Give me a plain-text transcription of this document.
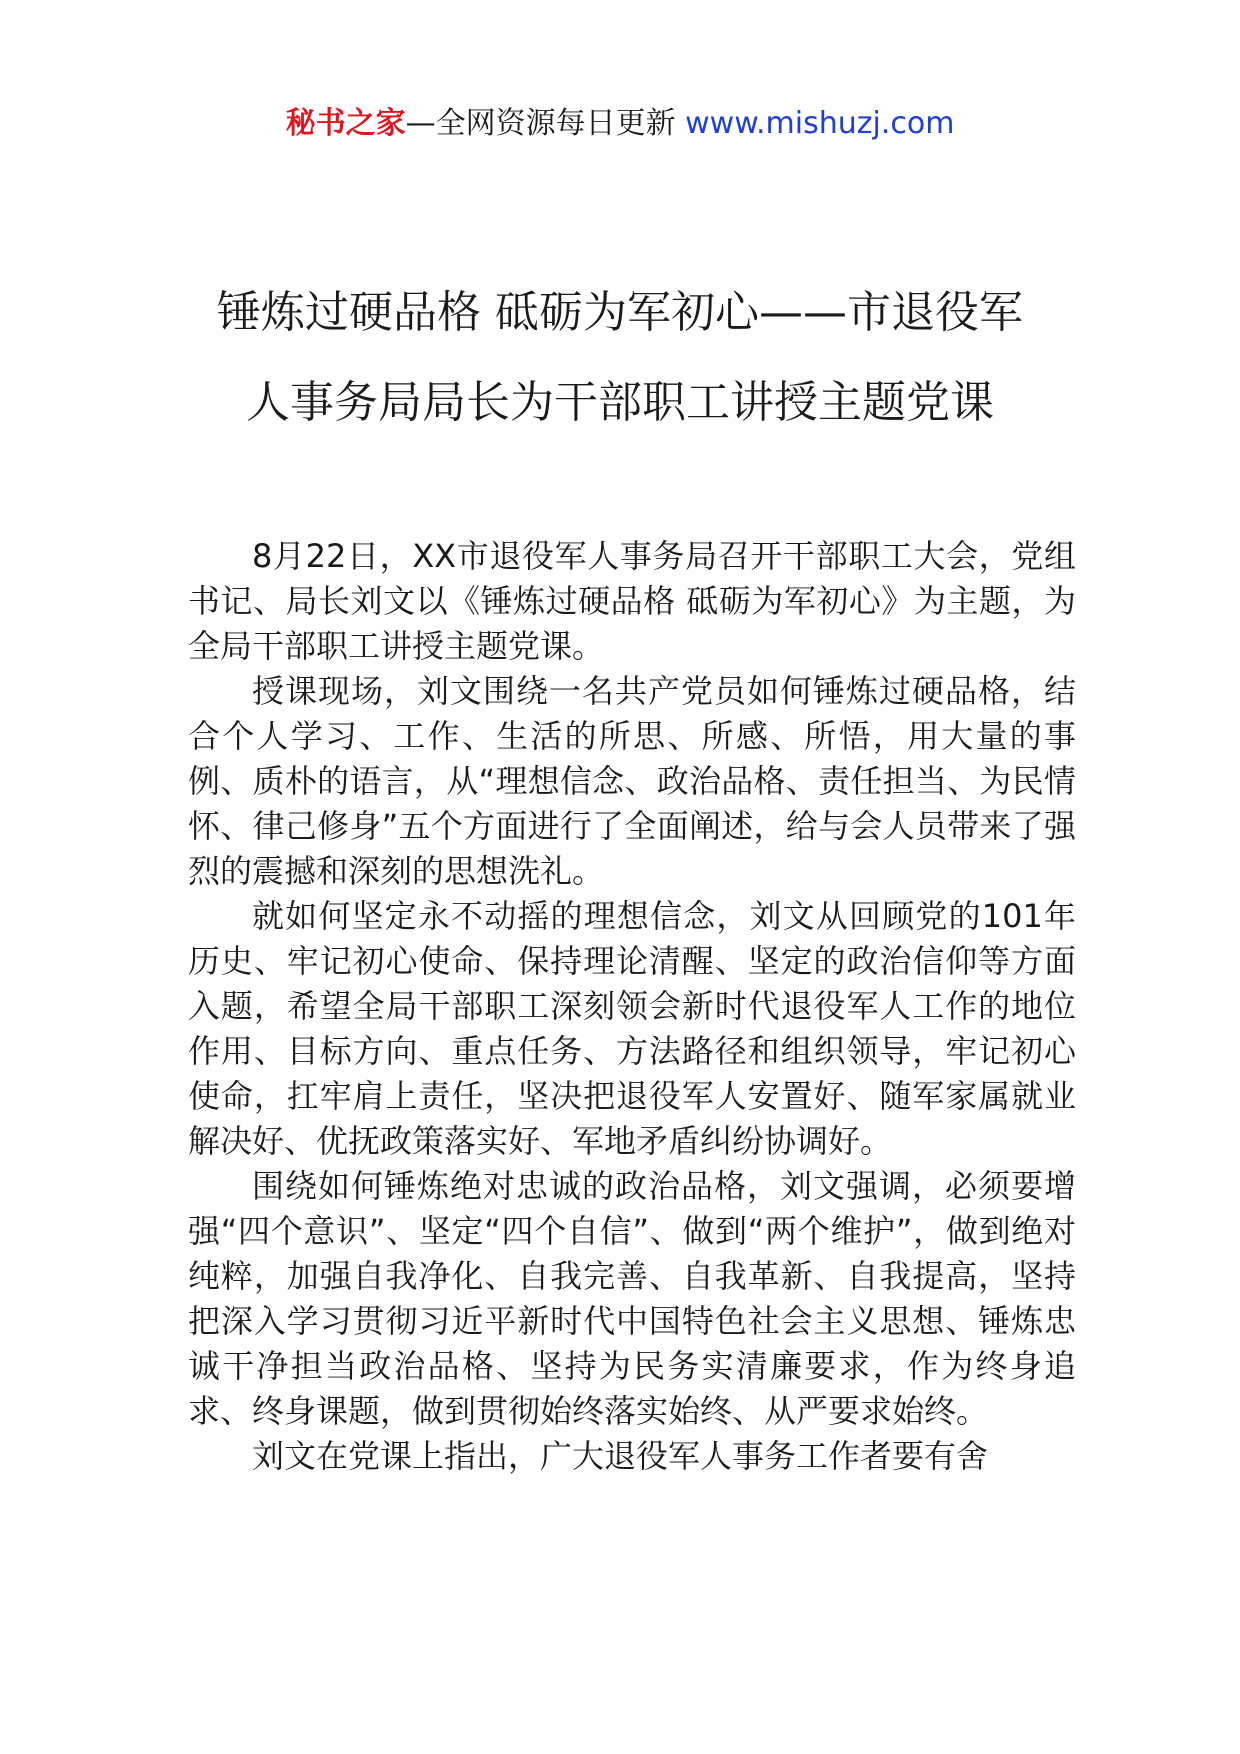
秘书之家—全网资源每日更新 www.mishuzj.com
锤炼过硬品格 砥砺为军初心——市退役军
人事务局局长为干部职工讲授主题党课

8月22日，XX市退役军人事务局召开干部职工大会，党组书记、局长刘文以《锤炼过硬品格 砥砺为军初心》为主题，为全局干部职工讲授主题党课。

授课现场，刘文围绕一名共产党员如何锤炼过硬品格，结合个人学习、工作、生活的所思、所感、所悟，用大量的事例、质朴的语言，从“理想信念、政治品格、责任担当、为民情怀、律己修身”五个方面进行了全面阐述，给与会人员带来了强烈的震撼和深刻的思想洗礼。

就如何坚定永不动摇的理想信念，刘文从回顾党的101年历史、牢记初心使命、保持理论清醒、坚定的政治信仰等方面入题，希望全局干部职工深刻领会新时代退役军人工作的地位作用、目标方向、重点任务、方法路径和组织领导，牢记初心使命，扛牢肩上责任，坚决把退役军人安置好、随军家属就业解决好、优抚政策落实好、军地矛盾纠纷协调好。

围绕如何锤炼绝对忠诚的政治品格，刘文强调，必须要增强“四个意识”、坚定“四个自信”、做到“两个维护”，做到绝对纯粹，加强自我净化、自我完善、自我革新、自我提高，坚持把深入学习贯彻习近平新时代中国特色社会主义思想、锤炼忠诚干净担当政治品格、坚持为民务实清廉要求，作为终身追求、终身课题，做到贯彻始终落实始终、从严要求始终。

刘文在党课上指出，广大退役军人事务工作者要有舍
